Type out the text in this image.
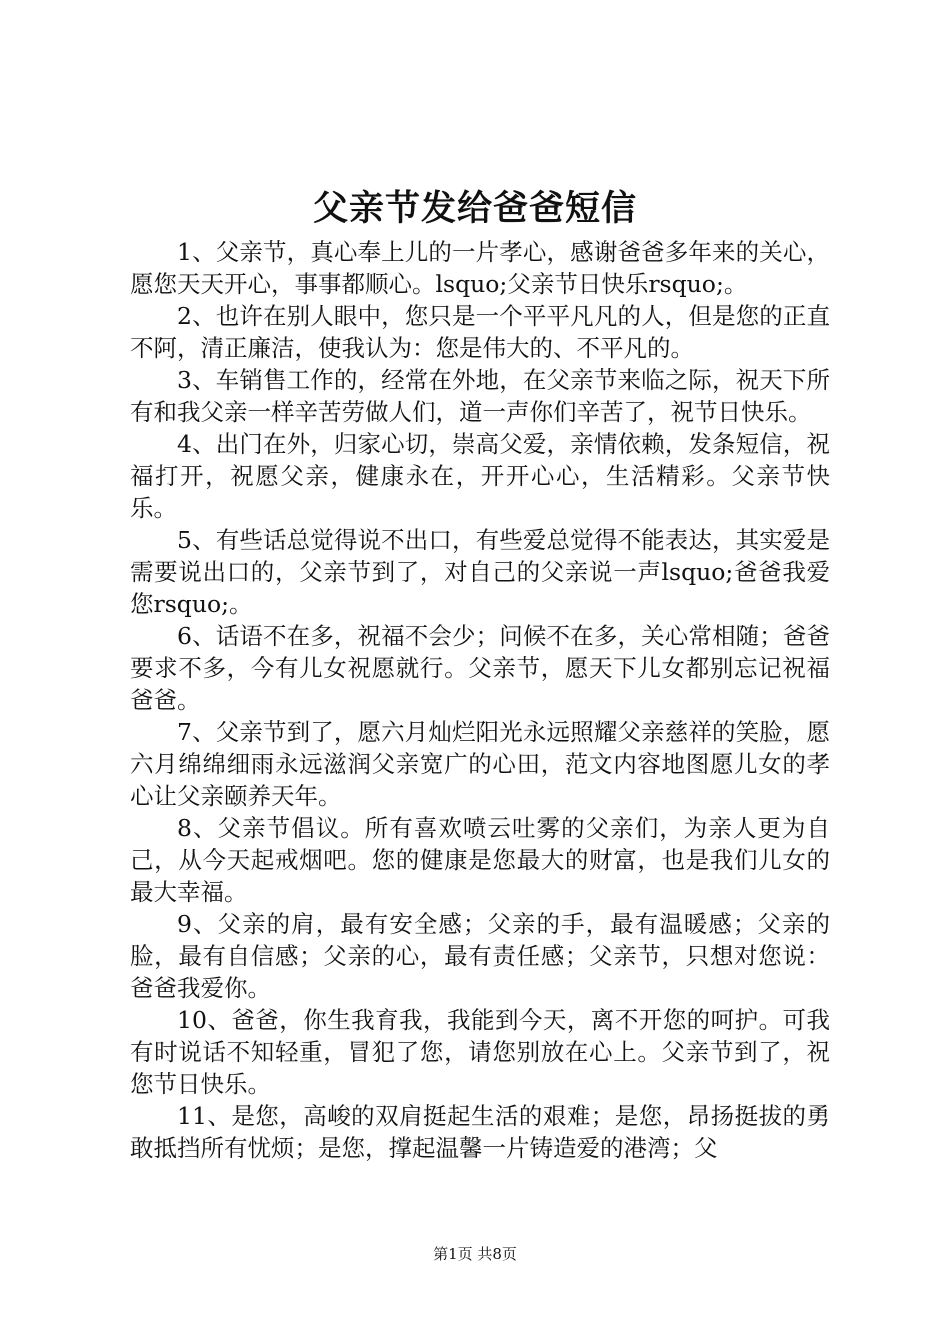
父亲节发给爸爸短信

1、父亲节，真心奉上儿的一片孝心，感谢爸爸多年来的关心，愿您天天开心，事事都顺心。lsquo;父亲节日快乐rsquo;。

2、也许在别人眼中，您只是一个平平凡凡的人，但是您的正直不阿，清正廉洁，使我认为：您是伟大的、不平凡的。

3、车销售工作的，经常在外地，在父亲节来临之际，祝天下所有和我父亲一样辛苦劳做人们，道一声你们辛苦了，祝节日快乐。

4、出门在外，归家心切，崇高父爱，亲情依赖，发条短信，祝福打开，祝愿父亲，健康永在，开开心心，生活精彩。父亲节快乐。

5、有些话总觉得说不出口，有些爱总觉得不能表达，其实爱是需要说出口的，父亲节到了，对自己的父亲说一声lsquo;爸爸我爱您rsquo;。

6、话语不在多，祝福不会少；问候不在多，关心常相随；爸爸要求不多，今有儿女祝愿就行。父亲节，愿天下儿女都别忘记祝福爸爸。

7、父亲节到了，愿六月灿烂阳光永远照耀父亲慈祥的笑脸，愿六月绵绵细雨永远滋润父亲宽广的心田，范文内容地图愿儿女的孝心让父亲颐养天年。

8、父亲节倡议。所有喜欢喷云吐雾的父亲们，为亲人更为自己，从今天起戒烟吧。您的健康是您最大的财富，也是我们儿女的最大幸福。

9、父亲的肩，最有安全感；父亲的手，最有温暖感；父亲的脸，最有自信感；父亲的心，最有责任感；父亲节，只想对您说：爸爸我爱你。

10、爸爸，你生我育我，我能到今天，离不开您的呵护。可我有时说话不知轻重，冒犯了您，请您别放在心上。父亲节到了，祝您节日快乐。

11、是您，高峻的双肩挺起生活的艰难；是您，昂扬挺拔的勇敢抵挡所有忧烦；是您，撑起温馨一片铸造爱的港湾；父

第1页 共8页
